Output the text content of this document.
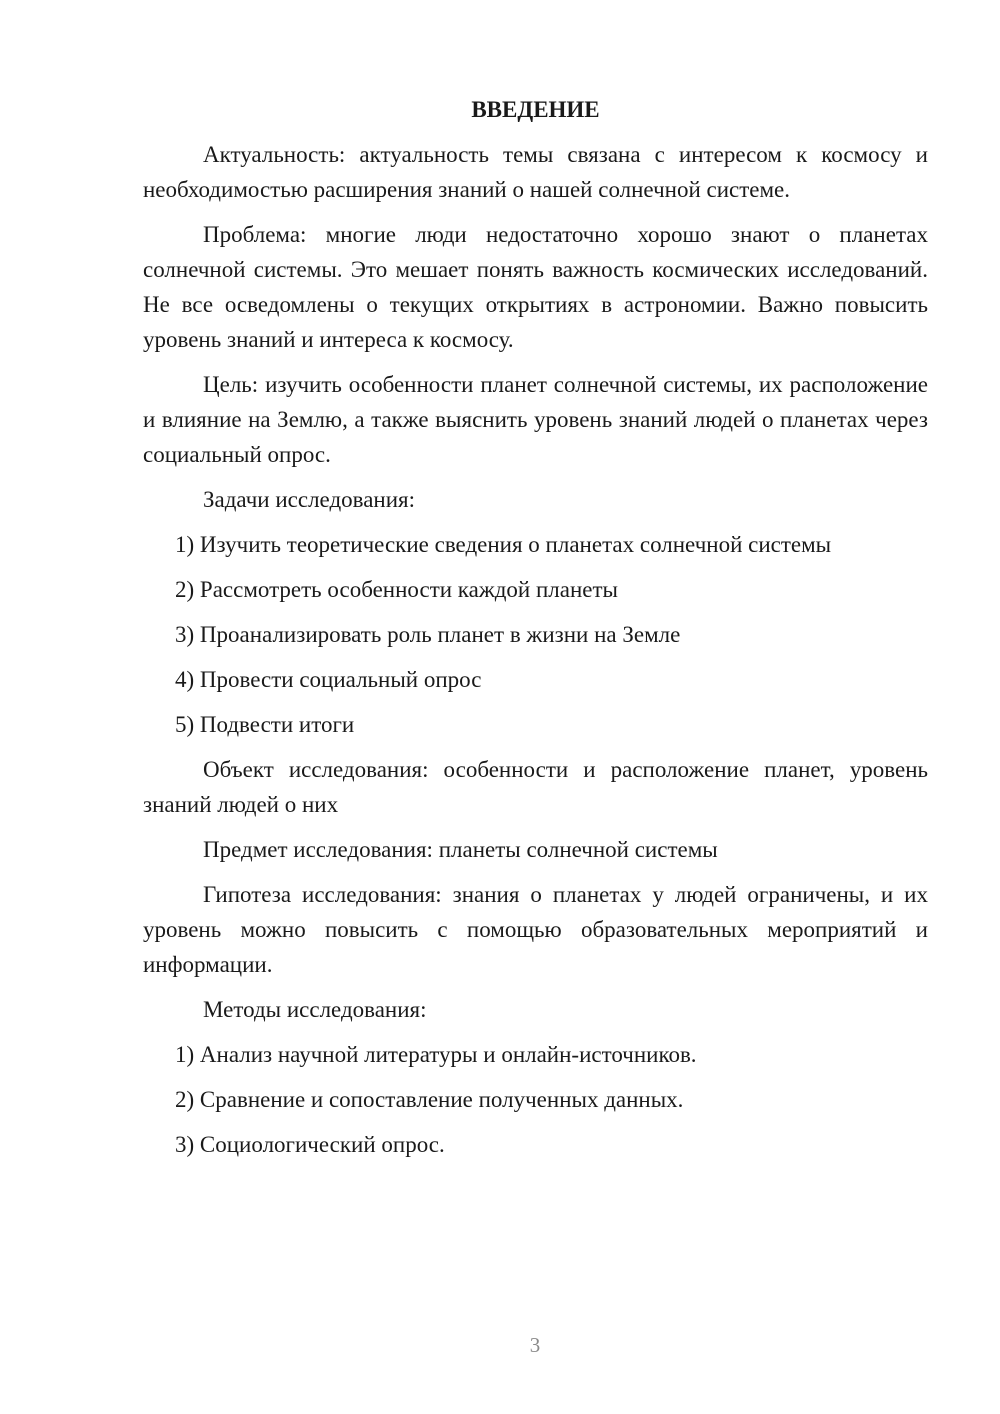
ВВЕДЕНИЕ

Актуальность: актуальность темы связана с интересом к космосу и необходимостью расширения знаний о нашей солнечной системе.

Проблема: многие люди недостаточно хорошо знают о планетах солнечной системы. Это мешает понять важность космических исследований. Не все осведомлены о текущих открытиях в астрономии. Важно повысить уровень знаний и интереса к космосу.

Цель: изучить особенности планет солнечной системы, их расположение и влияние на Землю, а также выяснить уровень знаний людей о планетах через социальный опрос.

Задачи исследования:

1) Изучить теоретические сведения о планетах солнечной системы

2) Рассмотреть особенности каждой планеты

3) Проанализировать роль планет в жизни на Земле

4) Провести социальный опрос

5) Подвести итоги

Объект исследования: особенности и расположение планет, уровень знаний людей о них

Предмет исследования: планеты солнечной системы

Гипотеза исследования: знания о планетах у людей ограничены, и их уровень можно повысить с помощью образовательных мероприятий и информации.

Методы исследования:

1) Анализ научной литературы и онлайн-источников.

2) Сравнение и сопоставление полученных данных.

3) Социологический опрос.

3
